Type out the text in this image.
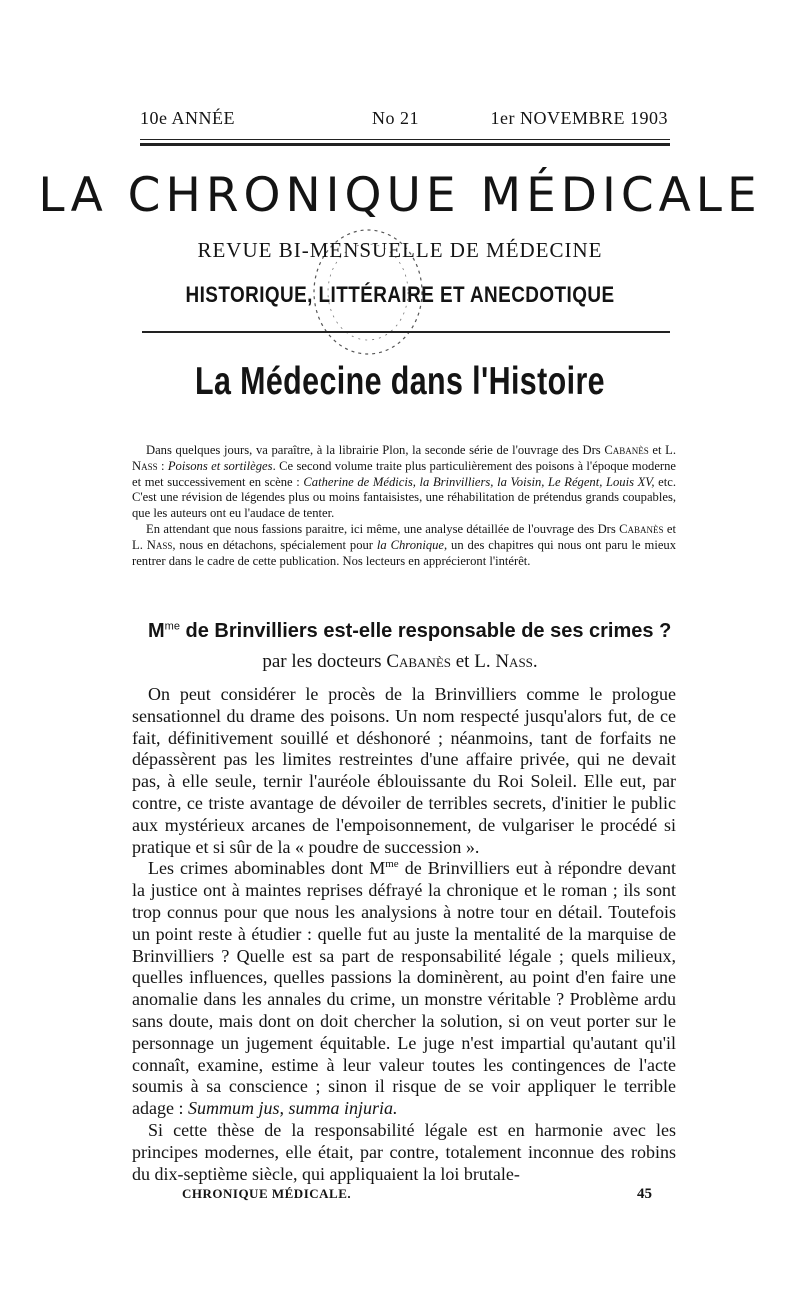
10e ANNÉE	No 21	1er NOVEMBRE 1903
LA CHRONIQUE MÉDICALE
REVUE BI-MENSUELLE DE MÉDECINE
HISTORIQUE, LITTÉRAIRE ET ANECDOTIQUE
La Médecine dans l'Histoire

Dans quelques jours, va paraître, à la librairie Plon, la seconde série de l'ouvrage des Drs Cabanès et L. Nass : Poisons et sortilèges. Ce second volume traite plus particulièrement des poisons à l'époque moderne et met successivement en scène : Catherine de Médicis, la Brinvilliers, la Voisin, Le Régent, Louis XV, etc. C'est une révision de légendes plus ou moins fantaisistes, une réhabilitation de prétendus grands coupables, que les auteurs ont eu l'audace de tenter.

En attendant que nous fassions paraitre, ici même, une analyse détaillée de l'ouvrage des Drs Cabanès et L. Nass, nous en détachons, spécialement pour la Chronique, un des chapitres qui nous ont paru le mieux rentrer dans le cadre de cette publication. Nos lecteurs en apprécieront l'intérêt.

$M^{me}$ de Brinvilliers est-elle responsable de ses crimes ?
par les docteurs Cabanès et L. Nass.

On peut considérer le procès de la Brinvilliers comme le prologue sensationnel du drame des poisons. Un nom respecté jusqu'alors fut, de ce fait, définitivement souillé et déshonoré ; néanmoins, tant de forfaits ne dépassèrent pas les limites restreintes d'une affaire privée, qui ne devait pas, à elle seule, ternir l'auréole éblouissante du Roi Soleil. Elle eut, par contre, ce triste avantage de dévoiler de terribles secrets, d'initier le public aux mystérieux arcanes de l'empoisonnement, de vulgariser le procédé si pratique et si sûr de la « poudre de succession ».

Les crimes abominables dont $M^{me}$ de Brinvilliers eut à répondre devant la justice ont à maintes reprises défrayé la chronique et le roman ; ils sont trop connus pour que nous les analysions à notre tour en détail. Toutefois un point reste à étudier : quelle fut au juste la mentalité de la marquise de Brinvilliers ? Quelle est sa part de responsabilité légale ; quels milieux, quelles influences, quelles passions la dominèrent, au point d'en faire une anomalie dans les annales du crime, un monstre véritable ? Problème ardu sans doute, mais dont on doit chercher la solution, si on veut porter sur le personnage un jugement équitable. Le juge n'est impartial qu'autant qu'il connaît, examine, estime à leur valeur toutes les contingences de l'acte soumis à sa conscience ; sinon il risque de se voir appliquer le terrible adage : Summum jus, summa injuria.

Si cette thèse de la responsabilité légale est en harmonie avec les principes modernes, elle était, par contre, totalement inconnue des robins du dix-septième siècle, qui appliquaient la loi brutale-

CHRONIQUE MÉDICALE.	45
